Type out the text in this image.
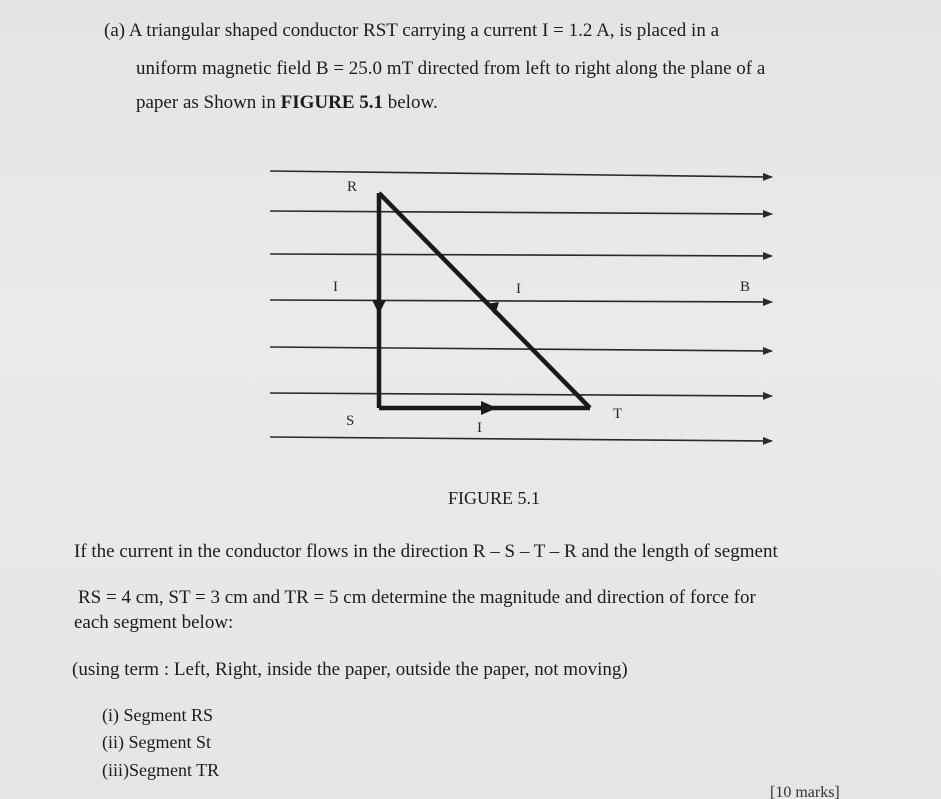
(a) A triangular shaped conductor RST carrying a current I = 1.2 A, is placed in a
uniform magnetic field B = 25.0 mT directed from left to right along the plane of a
paper as Shown in FIGURE 5.1 below.
R
S	T
B
I	I
I
FIGURE 5.1
If the current in the conductor flows in the direction R – S – T – R and the length of segment
RS = 4 cm, ST = 3 cm and TR = 5 cm determine the magnitude and direction of force for
each segment below:
(using term : Left, Right, inside the paper, outside the paper, not moving)
(i) Segment RS
(ii) Segment St
(iii)Segment TR
[10 marks]
